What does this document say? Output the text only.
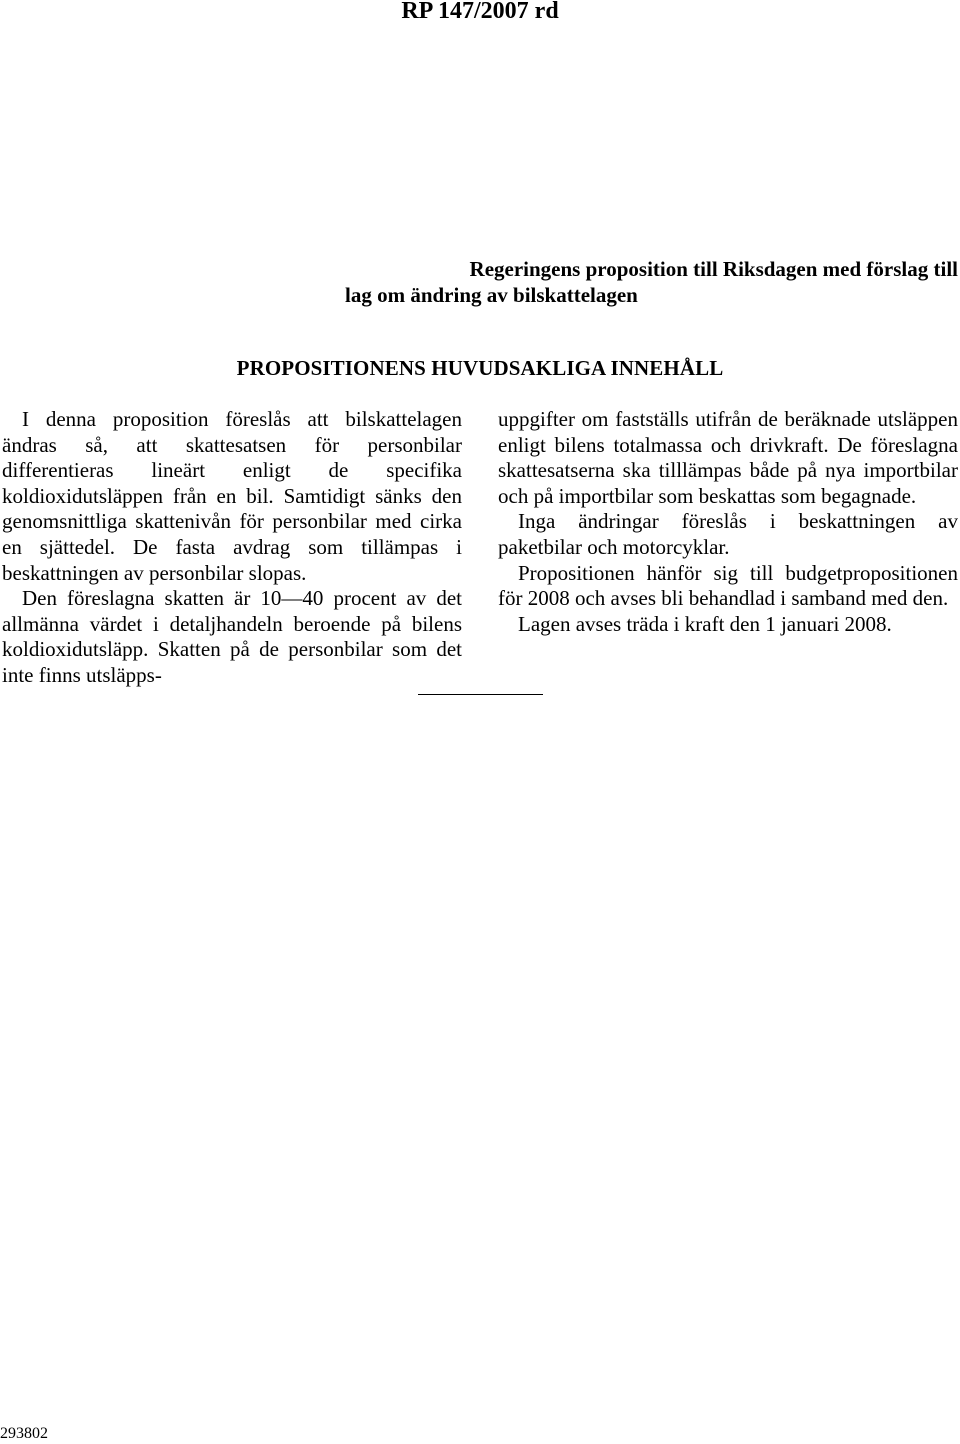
RP 147/2007 rd
Regeringens proposition till Riksdagen med förslag till
lag om ändring av bilskattelagen
PROPOSITIONENS HUVUDSAKLIGA INNEHÅLL

I denna proposition föreslås att bilskattelagen ändras så, att skattesatsen för personbilar differentieras lineärt enligt de specifika koldioxidutsläppen från en bil. Samtidigt sänks den genomsnittliga skattenivån för personbilar med cirka en sjättedel. De fasta avdrag som tillämpas i beskattningen av personbilar slopas.

Den föreslagna skatten är 10—40 procent av det allmänna värdet i detaljhandeln beroende på bilens koldioxidutsläpp. Skatten på de personbilar som det inte finns utsläpps-

uppgifter om fastställs utifrån de beräknade utsläppen enligt bilens totalmassa och drivkraft. De föreslagna skattesatserna ska tilllämpas både på nya importbilar och på importbilar som beskattas som begagnade.

Inga ändringar föreslås i beskattningen av paketbilar och motorcyklar.

Propositionen hänför sig till budgetpropositionen för 2008 och avses bli behandlad i samband med den.

Lagen avses träda i kraft den 1 januari 2008.

293802
